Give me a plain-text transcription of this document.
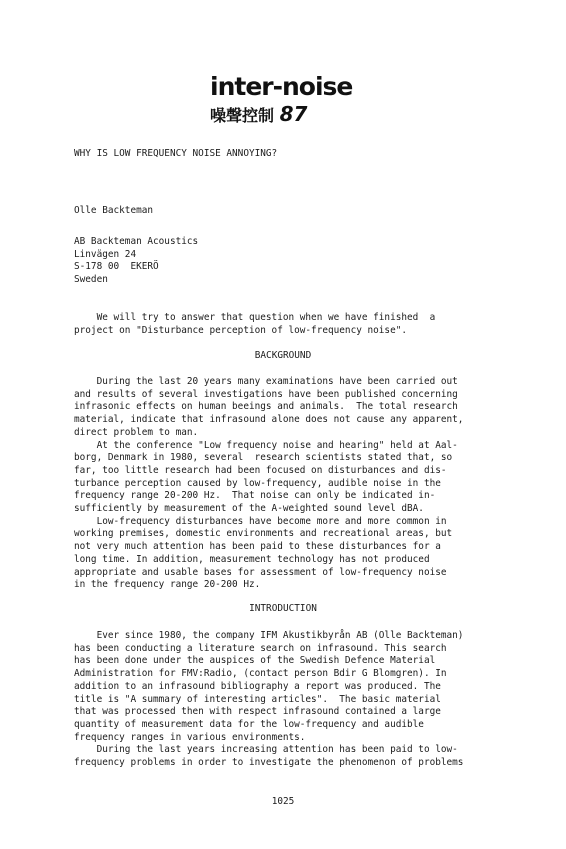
inter-noise
噪聲控制 87
WHY IS LOW FREQUENCY NOISE ANNOYING?
Olle Backteman
AB Backteman Acoustics
Linvägen 24
S-178 00  EKERÖ
Sweden
We will try to answer that question when we have finished  a
project on "Disturbance perception of low-frequency noise".
BACKGROUND
During the last 20 years many examinations have been carried out
and results of several investigations have been published concerning
infrasonic effects on human beeings and animals.  The total research
material, indicate that infrasound alone does not cause any apparent,
direct problem to man.
At the conference "Low frequency noise and hearing" held at Aal-
borg, Denmark in 1980, several  research scientists stated that, so
far, too little research had been focused on disturbances and dis-
turbance perception caused by low-frequency, audible noise in the
frequency range 20-200 Hz.  That noise can only be indicated in-
sufficiently by measurement of the A-weighted sound level dBA.
Low-frequency disturbances have become more and more common in
working premises, domestic environments and recreational areas, but
not very much attention has been paid to these disturbances for a
long time. In addition, measurement technology has not produced
appropriate and usable bases for assessment of low-frequency noise
in the frequency range 20-200 Hz.
INTRODUCTION
Ever since 1980, the company IFM Akustikbyrån AB (Olle Backteman)
has been conducting a literature search on infrasound. This search
has been done under the auspices of the Swedish Defence Material
Administration for FMV:Radio, (contact person Bdir G Blomgren). In
addition to an infrasound bibliography a report was produced. The
title is "A summary of interesting articles".  The basic material
that was processed then with respect infrasound contained a large
quantity of measurement data for the low-frequency and audible
frequency ranges in various environments.
During the last years increasing attention has been paid to low-
frequency problems in order to investigate the phenomenon of problems
1025
